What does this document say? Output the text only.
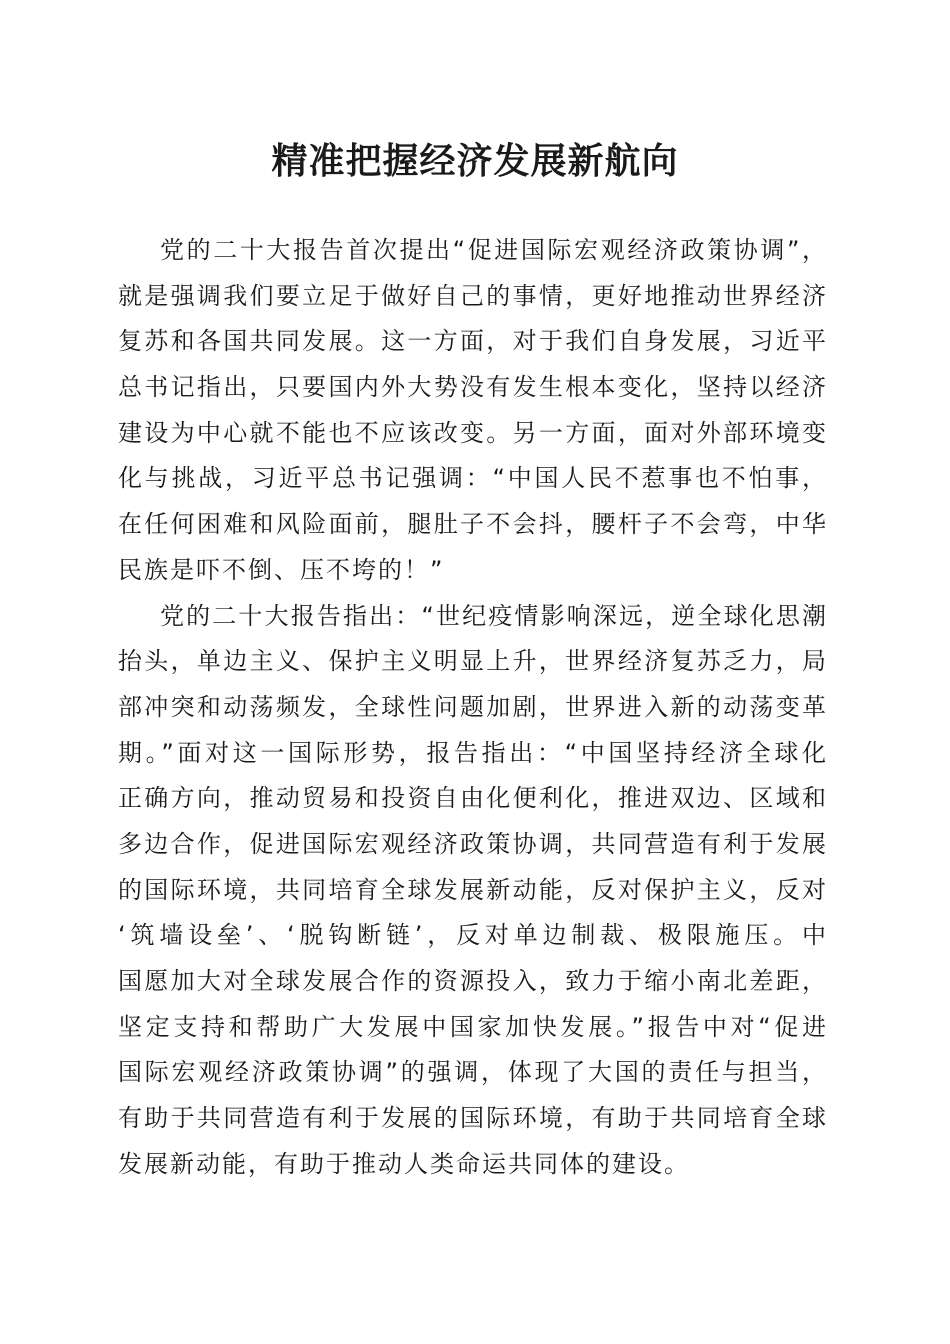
精准把握经济发展新航向
党的二十大报告首次提出“促进国际宏观经济政策协调”，
就是强调我们要立足于做好自己的事情，更好地推动世界经济
复苏和各国共同发展。这一方面，对于我们自身发展，习近平
总书记指出，只要国内外大势没有发生根本变化，坚持以经济
建设为中心就不能也不应该改变。另一方面，面对外部环境变
化与挑战，习近平总书记强调：“中国人民不惹事也不怕事，
在任何困难和风险面前，腿肚子不会抖，腰杆子不会弯，中华
民族是吓不倒、压不垮的！”
党的二十大报告指出：“世纪疫情影响深远，逆全球化思潮
抬头，单边主义、保护主义明显上升，世界经济复苏乏力，局
部冲突和动荡频发，全球性问题加剧，世界进入新的动荡变革
期。”面对这一国际形势，报告指出：“中国坚持经济全球化
正确方向，推动贸易和投资自由化便利化，推进双边、区域和
多边合作，促进国际宏观经济政策协调，共同营造有利于发展
的国际环境，共同培育全球发展新动能，反对保护主义，反对
‘筑墙设垒’、‘脱钩断链’，反对单边制裁、极限施压。中
国愿加大对全球发展合作的资源投入，致力于缩小南北差距，
坚定支持和帮助广大发展中国家加快发展。”报告中对“促进
国际宏观经济政策协调”的强调，体现了大国的责任与担当，
有助于共同营造有利于发展的国际环境，有助于共同培育全球
发展新动能，有助于推动人类命运共同体的建设。
